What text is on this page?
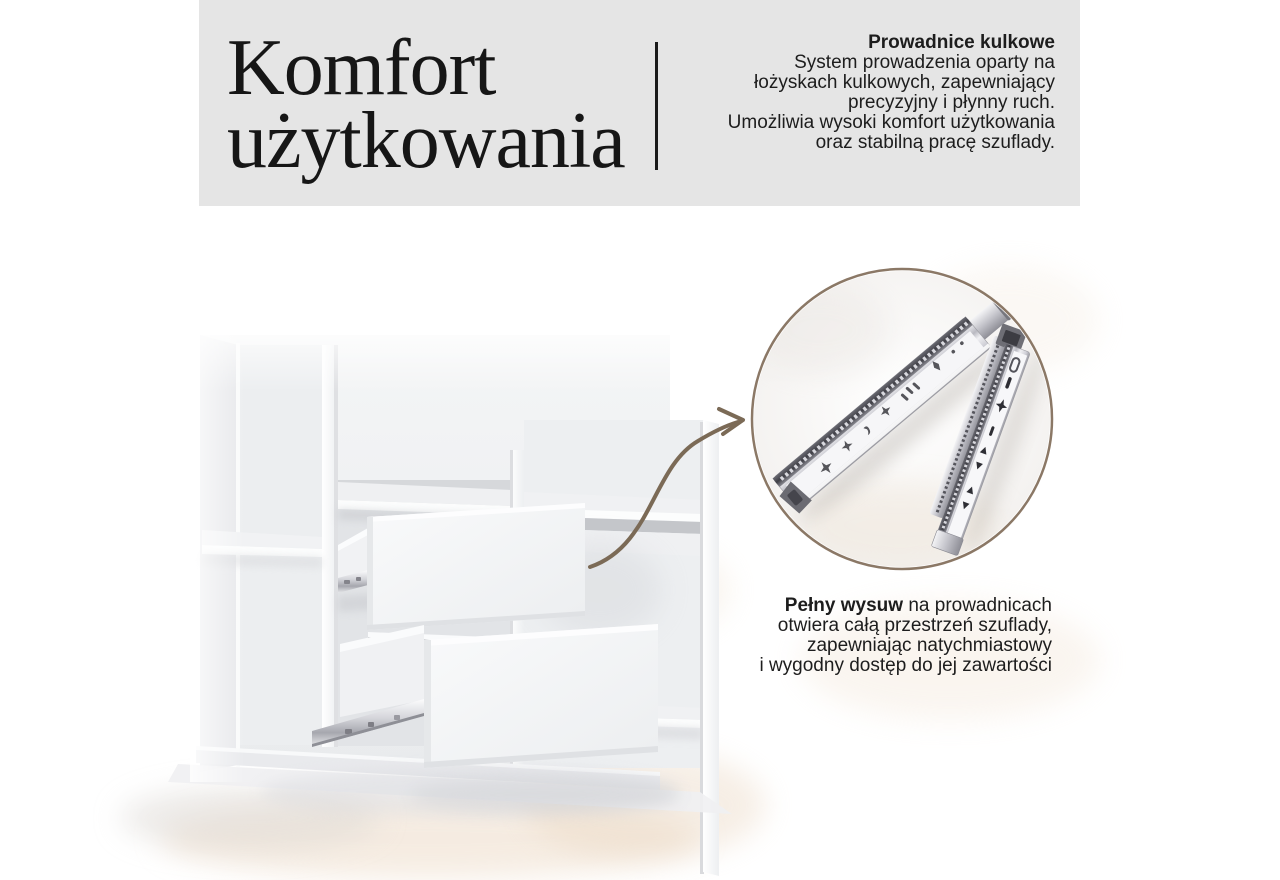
Komfort
użytkowania
Prowadnice kulkowe
System prowadzenia oparty na
łożyskach kulkowych, zapewniający
precyzyjny i płynny ruch.
Umożliwia wysoki komfort użytkowania
oraz stabilną pracę szuflady.
Pełny wysuw na prowadnicach
otwiera całą przestrzeń szuflady,
zapewniając natychmiastowy
i wygodny dostęp do jej zawartości
